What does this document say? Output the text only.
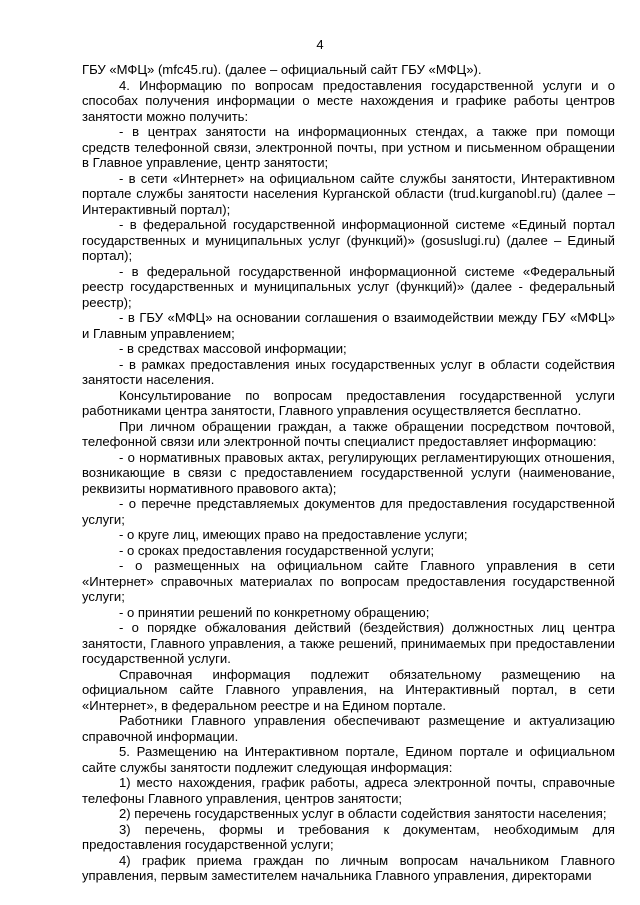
4

ГБУ «МФЦ» (mfc45.ru). (далее – официальный сайт ГБУ «МФЦ»).

4. Информацию по вопросам предоставления государственной услуги и о способах получения информации о месте нахождения и графике работы центров занятости можно получить:

- в центрах занятости на информационных стендах, а также при помощи средств телефонной связи, электронной почты, при устном и письменном обращении в Главное управление, центр занятости;

- в сети «Интернет» на официальном сайте службы занятости, Интерактивном портале службы занятости населения Курганской области (trud.kurganobl.ru) (далее – Интерактивный портал);

- в федеральной государственной информационной системе «Единый портал государственных и муниципальных услуг (функций)» (gosuslugi.ru) (далее – Единый портал);

- в федеральной государственной информационной системе «Федеральный реестр государственных и муниципальных услуг (функций)» (далее - федеральный реестр);

- в ГБУ «МФЦ» на основании соглашения о взаимодействии между ГБУ «МФЦ» и Главным управлением;

- в средствах массовой информации;

- в рамках предоставления иных государственных услуг в области содействия занятости населения.

Консультирование по вопросам предоставления государственной услуги работниками центра занятости, Главного управления осуществляется бесплатно.

При личном обращении граждан, а также обращении посредством почтовой, телефонной связи или электронной почты специалист предоставляет информацию:

- о нормативных правовых актах, регулирующих регламентирующих отношения, возникающие в связи с предоставлением государственной услуги (наименование, реквизиты нормативного правового акта);

- о перечне представляемых документов для предоставления государственной услуги;

- о круге лиц, имеющих право на предоставление услуги;

- о сроках предоставления государственной услуги;

- о размещенных на официальном сайте Главного управления в сети «Интернет» справочных материалах по вопросам предоставления государственной услуги;

- о принятии решений по конкретному обращению;

- о порядке обжалования действий (бездействия) должностных лиц центра занятости, Главного управления, а также решений, принимаемых при предоставлении государственной услуги.

Справочная информация подлежит обязательному размещению на официальном сайте Главного управления, на Интерактивный портал, в сети «Интернет», в федеральном реестре и на Едином портале.

Работники Главного управления обеспечивают размещение и актуализацию справочной информации.

5. Размещению на Интерактивном портале, Едином портале и официальном сайте службы занятости подлежит следующая информация:

1) место нахождения, график работы, адреса электронной почты, справочные телефоны Главного управления, центров занятости;

2) перечень государственных услуг в области содействия занятости населения;

3) перечень, формы и требования к документам, необходимым для предоставления государственной услуги;

4) график приема граждан по личным вопросам начальником Главного управления, первым заместителем начальника Главного управления, директорами
